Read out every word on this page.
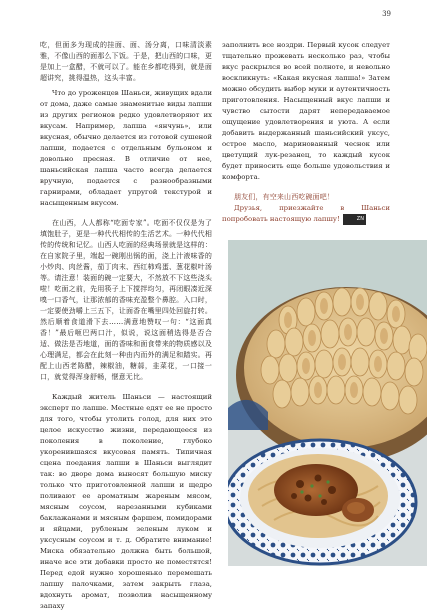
39

吃，但面多为现成的挂面、面、汤分离，口味清淡素雅，不像山西的面那么下饭。于是，把山西的口味，更是加上一盒醋，不就可以了。能在乡都吃得到，就是面超讲究，挑得温热，这头丰富。

Что до уроженцев Шаньси, живущих вдали от дома, даже самые знаменитые виды лапши из других регионов редко удовлетворяют их вкусам. Например, лапша «янчунь», или вкусная, обычно делается из готовой сушеной лапши, подается с отдельным бульоном и довольно пресная. В отличие от нее, шаньсийская лапша часто всегда делается вручную, подается с разнообразными гарнирами, обладает упругой текстурой и насыщенным вкусом.

在山西，人人都称“吃面专家”。吃面不仅仅是为了填饱肚子，更是一种代代相传的生活艺术。一种代代相传的传统和记忆。山西人吃面的经典场景就是这样的：在自家院子里，端起一碗刚出锅的面，浇上汁液味香的小炒肉、肉丝酱，茄丁肉末、西红柿鸡蛋、葱花椒叶汤等。请注意！装面的碗一定要大，不然放不下这些浇头啦！吃面之前，先用筷子上下搅拌均匀，再闭眼凑近深嗅一口香气，让那浓郁的香味充盈整个鼻腔。入口时，一定要使劲嚼上三五下，让面香在嘴里四处回旋打转。然后顺着食道滑下去……满意地赞叹一句：“这面真香！”最后咂巴两口汁，似说，说这面稍选得是否合适、做法是否地道，面的香味和面食带来的物质感以及心理满足，都会在此刻一种由内而外的满足和踏实。再配上山西老陈醋，辣椒油，糖蒜，韭菜花，一口接一口，就觉得浑身舒畅，惬意无比。

Каждый житель Шаньси — настоящий эксперт по лапше. Местные едят ее не просто для того, чтобы утолить голод, для них это целое искусство жизни, передающееся из поколения в поколение, глубоко укоренившаяся вкусовая память. Типичная сцена поедания лапши в Шаньси выглядит так: во дворе дома выносят большую миску только что приготовленной лапши и щедро поливают ее ароматным жареным мясом, мясным соусом, нарезанными кубиками баклажанами и мясным фаршем, помидорами и яйцами, рубленым зеленым луком и уксусным соусом и т. д. Обратите внимание! Миска обязательно должна быть большой, иначе все эти добавки просто не поместятся! Перед едой нужно хорошенько перемешать лапшу палочками, затем закрыть глаза, вдохнуть аромат, позволив насыщенному запаху

заполнить все ноздри. Первый кусок следует тщательно прожевать несколько раз, чтобы вкус раскрылся во всей полноте, и невольно воскликнуть: «Какая вкусная лапша!» Затем можно обсудить выбор муки и аутентичность приготовления. Насыщенный вкус лапши и чувство сытости дарят непередаваемое ощущение удовлетворения и уюта. А если добавить выдержанный шаньсийский уксус, острое масло, маринованный чеснок или цветущий лук-резанец, то каждый кусок будет приносить еще больше удовольствия и комфорта.

朋友们，有空来山西吃碗面吧！

Друзья, приезжайте в Шаньси попробовать настоящую лапшу!	ZN
